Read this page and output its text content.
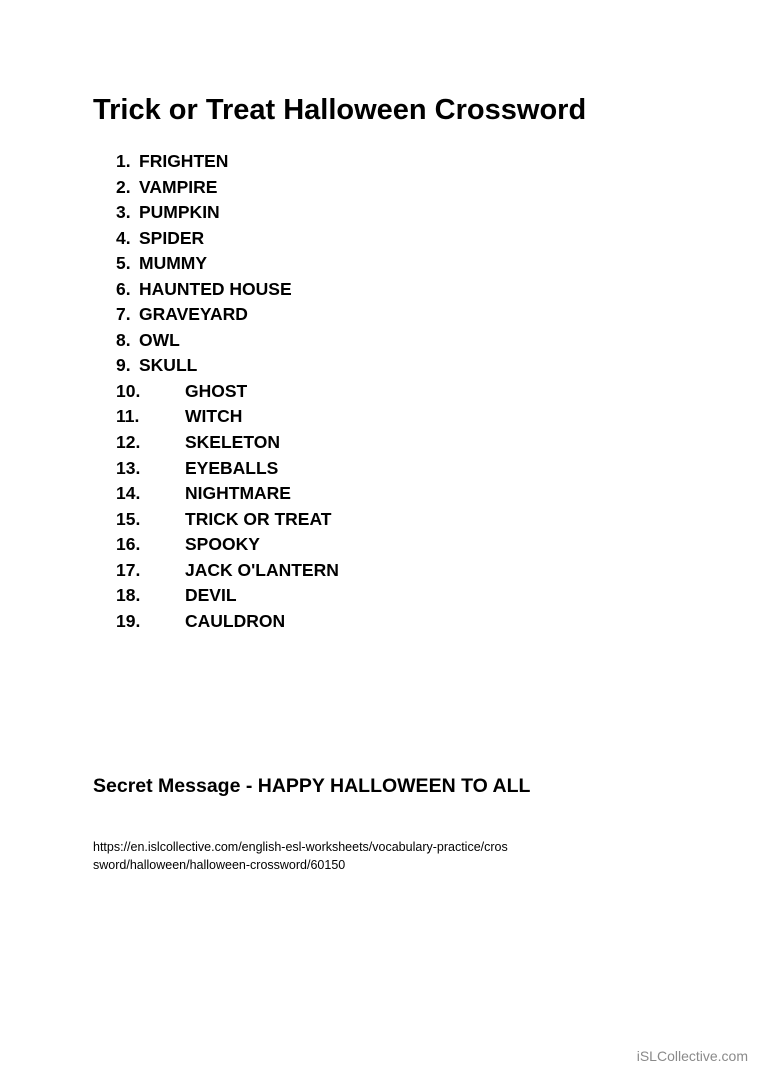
Trick or Treat Halloween Crossword
1. FRIGHTEN
2. VAMPIRE
3. PUMPKIN
4. SPIDER
5. MUMMY
6. HAUNTED HOUSE
7. GRAVEYARD
8. OWL
9. SKULL
10.	GHOST
11.	WITCH
12.	SKELETON
13.	EYEBALLS
14.	NIGHTMARE
15.	TRICK OR TREAT
16.	SPOOKY
17.	JACK O'LANTERN
18.	DEVIL
19.	CAULDRON

Secret Message - HAPPY HALLOWEEN TO ALL

https://en.islcollective.com/english-esl-worksheets/vocabulary-practice/crossword/halloween/halloween-crossword/60150

iSLCollective.com
